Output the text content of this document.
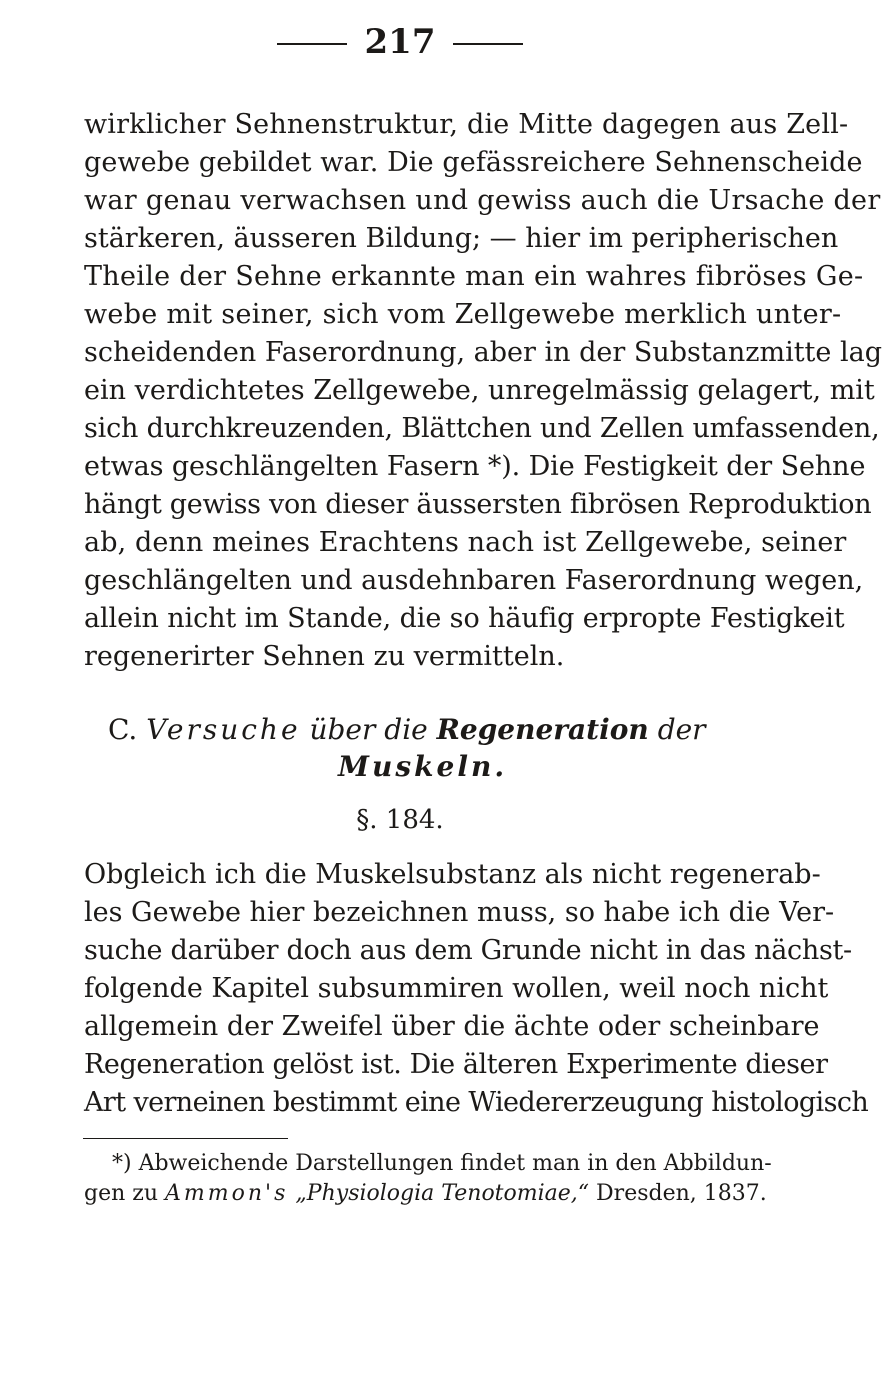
217
wirklicher Sehnenstruktur, die Mitte dagegen aus Zell-
gewebe gebildet war. Die gefässreichere Sehnenscheide
war genau verwachsen und gewiss auch die Ursache der
stärkeren, äusseren Bildung; — hier im peripherischen
Theile der Sehne erkannte man ein wahres fibröses Ge-
webe mit seiner, sich vom Zellgewebe merklich unter-
scheidenden Faserordnung, aber in der Substanzmitte lag
ein verdichtetes Zellgewebe, unregelmässig gelagert, mit
sich durchkreuzenden, Blättchen und Zellen umfassenden,
etwas geschlängelten Fasern *). Die Festigkeit der Sehne
hängt gewiss von dieser äussersten fibrösen Reproduktion
ab, denn meines Erachtens nach ist Zellgewebe, seiner
geschlängelten und ausdehnbaren Faserordnung wegen,
allein nicht im Stande, die so häufig erpropte Festigkeit
regenerirter Sehnen zu vermitteln.
C. Versuche über die Regeneration der
Muskeln.
§. 184.
Obgleich ich die Muskelsubstanz als nicht regenerab-
les Gewebe hier bezeichnen muss, so habe ich die Ver-
suche darüber doch aus dem Grunde nicht in das nächst-
folgende Kapitel subsummiren wollen, weil noch nicht
allgemein der Zweifel über die ächte oder scheinbare
Regeneration gelöst ist. Die älteren Experimente dieser
Art verneinen bestimmt eine Wiedererzeugung histologisch
*) Abweichende Darstellungen findet man in den Abbildun-
gen zu Ammon's „Physiologia Tenotomiae,“ Dresden, 1837.
